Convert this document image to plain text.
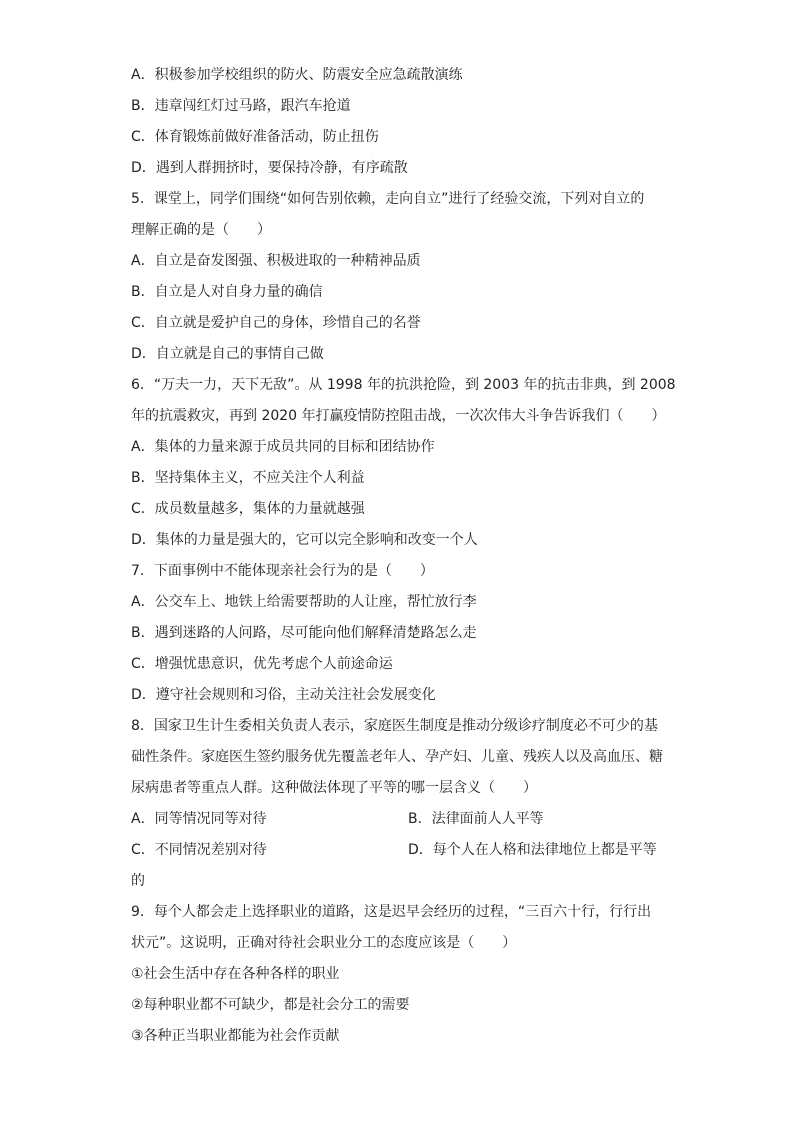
A．积极参加学校组织的防火、防震安全应急疏散演练
B．违章闯红灯过马路，跟汽车抢道
C．体育锻炼前做好准备活动，防止扭伤
D．遇到人群拥挤时，要保持冷静，有序疏散
5．课堂上，同学们围绕“如何告别依赖，走向自立”进行了经验交流，下列对自立的
理解正确的是（　　）
A．自立是奋发图强、积极进取的一种精神品质
B．自立是人对自身力量的确信
C．自立就是爱护自己的身体，珍惜自己的名誉
D．自立就是自己的事情自己做
6．“万夫一力，天下无敌”。从 1998 年的抗洪抢险，到 2003 年的抗击非典，到 2008
年的抗震救灾，再到 2020 年打赢疫情防控阻击战，一次次伟大斗争告诉我们（　　）
A．集体的力量来源于成员共同的目标和团结协作
B．坚持集体主义，不应关注个人利益
C．成员数量越多，集体的力量就越强
D．集体的力量是强大的，它可以完全影响和改变一个人
7．下面事例中不能体现亲社会行为的是（　　）
A．公交车上、地铁上给需要帮助的人让座，帮忙放行李
B．遇到迷路的人问路，尽可能向他们解释清楚路怎么走
C．增强忧患意识，优先考虑个人前途命运
D．遵守社会规则和习俗，主动关注社会发展变化
8．国家卫生计生委相关负责人表示，家庭医生制度是推动分级诊疗制度必不可少的基
础性条件。家庭医生签约服务优先覆盖老年人、孕产妇、儿童、残疾人以及高血压、糖
尿病患者等重点人群。这种做法体现了平等的哪一层含义（　　）
A．同等情况同等对待	B．法律面前人人平等
C．不同情况差别对待	D．每个人在人格和法律地位上都是平等
的
9．每个人都会走上选择职业的道路，这是迟早会经历的过程，“三百六十行，行行出
状元”。这说明，正确对待社会职业分工的态度应该是（　　）
①社会生活中存在各种各样的职业
②每种职业都不可缺少，都是社会分工的需要
③各种正当职业都能为社会作贡献
